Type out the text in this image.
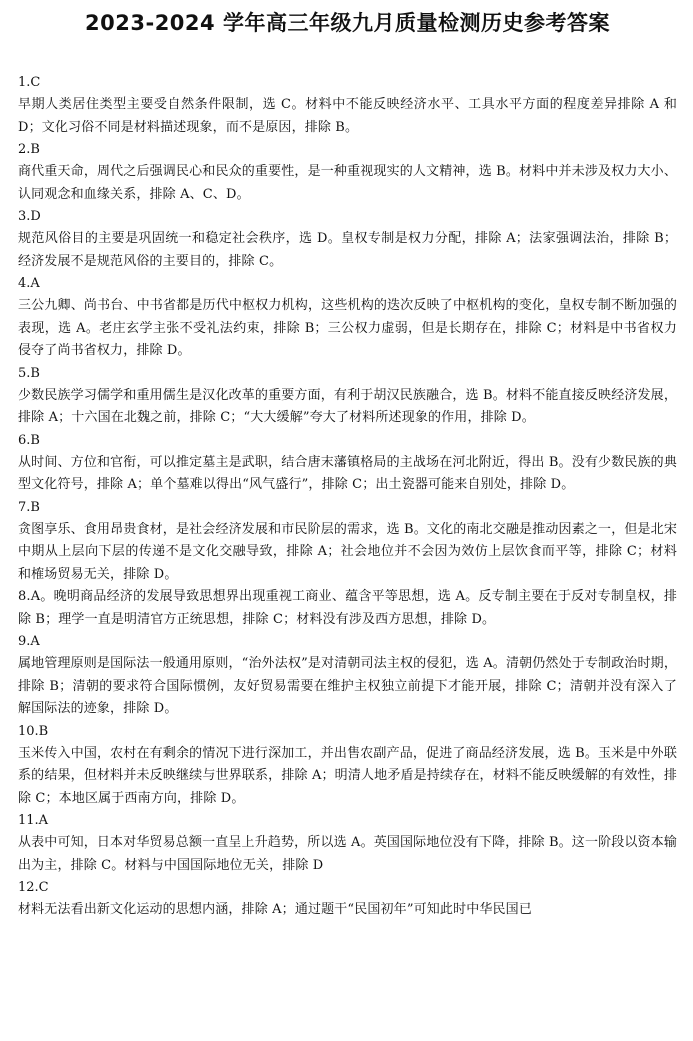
2023-2024 学年高三年级九月质量检测历史参考答案
1.C
早期人类居住类型主要受自然条件限制，选 C。材料中不能反映经济水平、工具水平方面的程度差异排除 A 和 D；文化习俗不同是材料描述现象，而不是原因，排除 B。
2.B
商代重天命，周代之后强调民心和民众的重要性，是一种重视现实的人文精神，选 B。材料中并未涉及权力大小、认同观念和血缘关系，排除 A、C、D。
3.D
规范风俗目的主要是巩固统一和稳定社会秩序，选 D。皇权专制是权力分配，排除 A；法家强调法治，排除 B；经济发展不是规范风俗的主要目的，排除 C。
4.A
三公九卿、尚书台、中书省都是历代中枢权力机构，这些机构的迭次反映了中枢机构的变化，皇权专制不断加强的表现，选 A。老庄玄学主张不受礼法约束，排除 B；三公权力虚弱，但是长期存在，排除 C；材料是中书省权力侵夺了尚书省权力，排除 D。
5.B
少数民族学习儒学和重用儒生是汉化改革的重要方面，有利于胡汉民族融合，选 B。材料不能直接反映经济发展，排除 A；十六国在北魏之前，排除 C；“大大缓解”夸大了材料所述现象的作用，排除 D。
6.B
从时间、方位和官衔，可以推定墓主是武职，结合唐末藩镇格局的主战场在河北附近，得出 B。没有少数民族的典型文化符号，排除 A；单个墓难以得出“风气盛行”，排除 C；出土瓷器可能来自别处，排除 D。
7.B
贪图享乐、食用昂贵食材，是社会经济发展和市民阶层的需求，选 B。文化的南北交融是推动因素之一，但是北宋中期从上层向下层的传递不是文化交融导致，排除 A；社会地位并不会因为效仿上层饮食而平等，排除 C；材料和榷场贸易无关，排除 D。
8.A。晚明商品经济的发展导致思想界出现重视工商业、蕴含平等思想，选 A。反专制主要在于反对专制皇权，排除 B；理学一直是明清官方正统思想，排除 C；材料没有涉及西方思想，排除 D。
9.A
属地管理原则是国际法一般通用原则，“治外法权”是对清朝司法主权的侵犯，选 A。清朝仍然处于专制政治时期，排除 B；清朝的要求符合国际惯例，友好贸易需要在维护主权独立前提下才能开展，排除 C；清朝并没有深入了解国际法的迹象，排除 D。
10.B
玉米传入中国，农村在有剩余的情况下进行深加工，并出售农副产品，促进了商品经济发展，选 B。玉米是中外联系的结果，但材料并未反映继续与世界联系，排除 A；明清人地矛盾是持续存在，材料不能反映缓解的有效性，排除 C；本地区属于西南方向，排除 D。
11.A
从表中可知，日本对华贸易总额一直呈上升趋势，所以选 A。英国国际地位没有下降，排除 B。这一阶段以资本输出为主，排除 C。材料与中国国际地位无关，排除 D
12.C
材料无法看出新文化运动的思想内涵，排除 A；通过题干“民国初年”可知此时中华民国已
